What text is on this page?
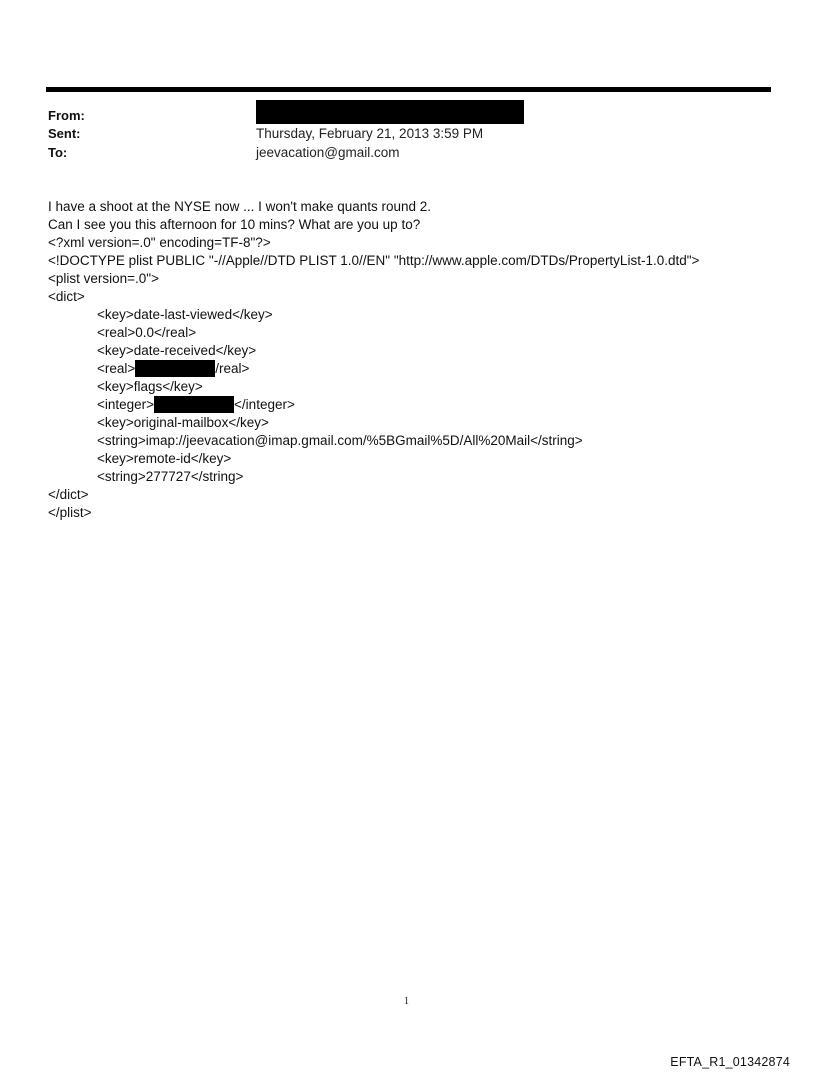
From:
Sent:	Thursday, February 21, 2013 3:59 PM
To:	jeevacation@gmail.com
I have a shoot at the NYSE now ... I won't make quants round 2.
Can I see you this afternoon for 10 mins? What are you up to?
<?xml version=.0" encoding=TF-8"?>
<!DOCTYPE plist PUBLIC "-//Apple//DTD PLIST 1.0//EN" "http://www.apple.com/DTDs/PropertyList-1.0.dtd">
<plist version=.0">
<dict>
<key>date-last-viewed</key>
<real>0.0</real>
<key>date-received</key>
<real>	/real>
<key>flags</key>
<integer>	</integer>
<key>original-mailbox</key>
<string>imap://jeevacation@imap.gmail.com/%5BGmail%5D/All%20Mail</string>
<key>remote-id</key>
<string>277727</string>
</dict>
</plist>
1
EFTA_R1_01342874
